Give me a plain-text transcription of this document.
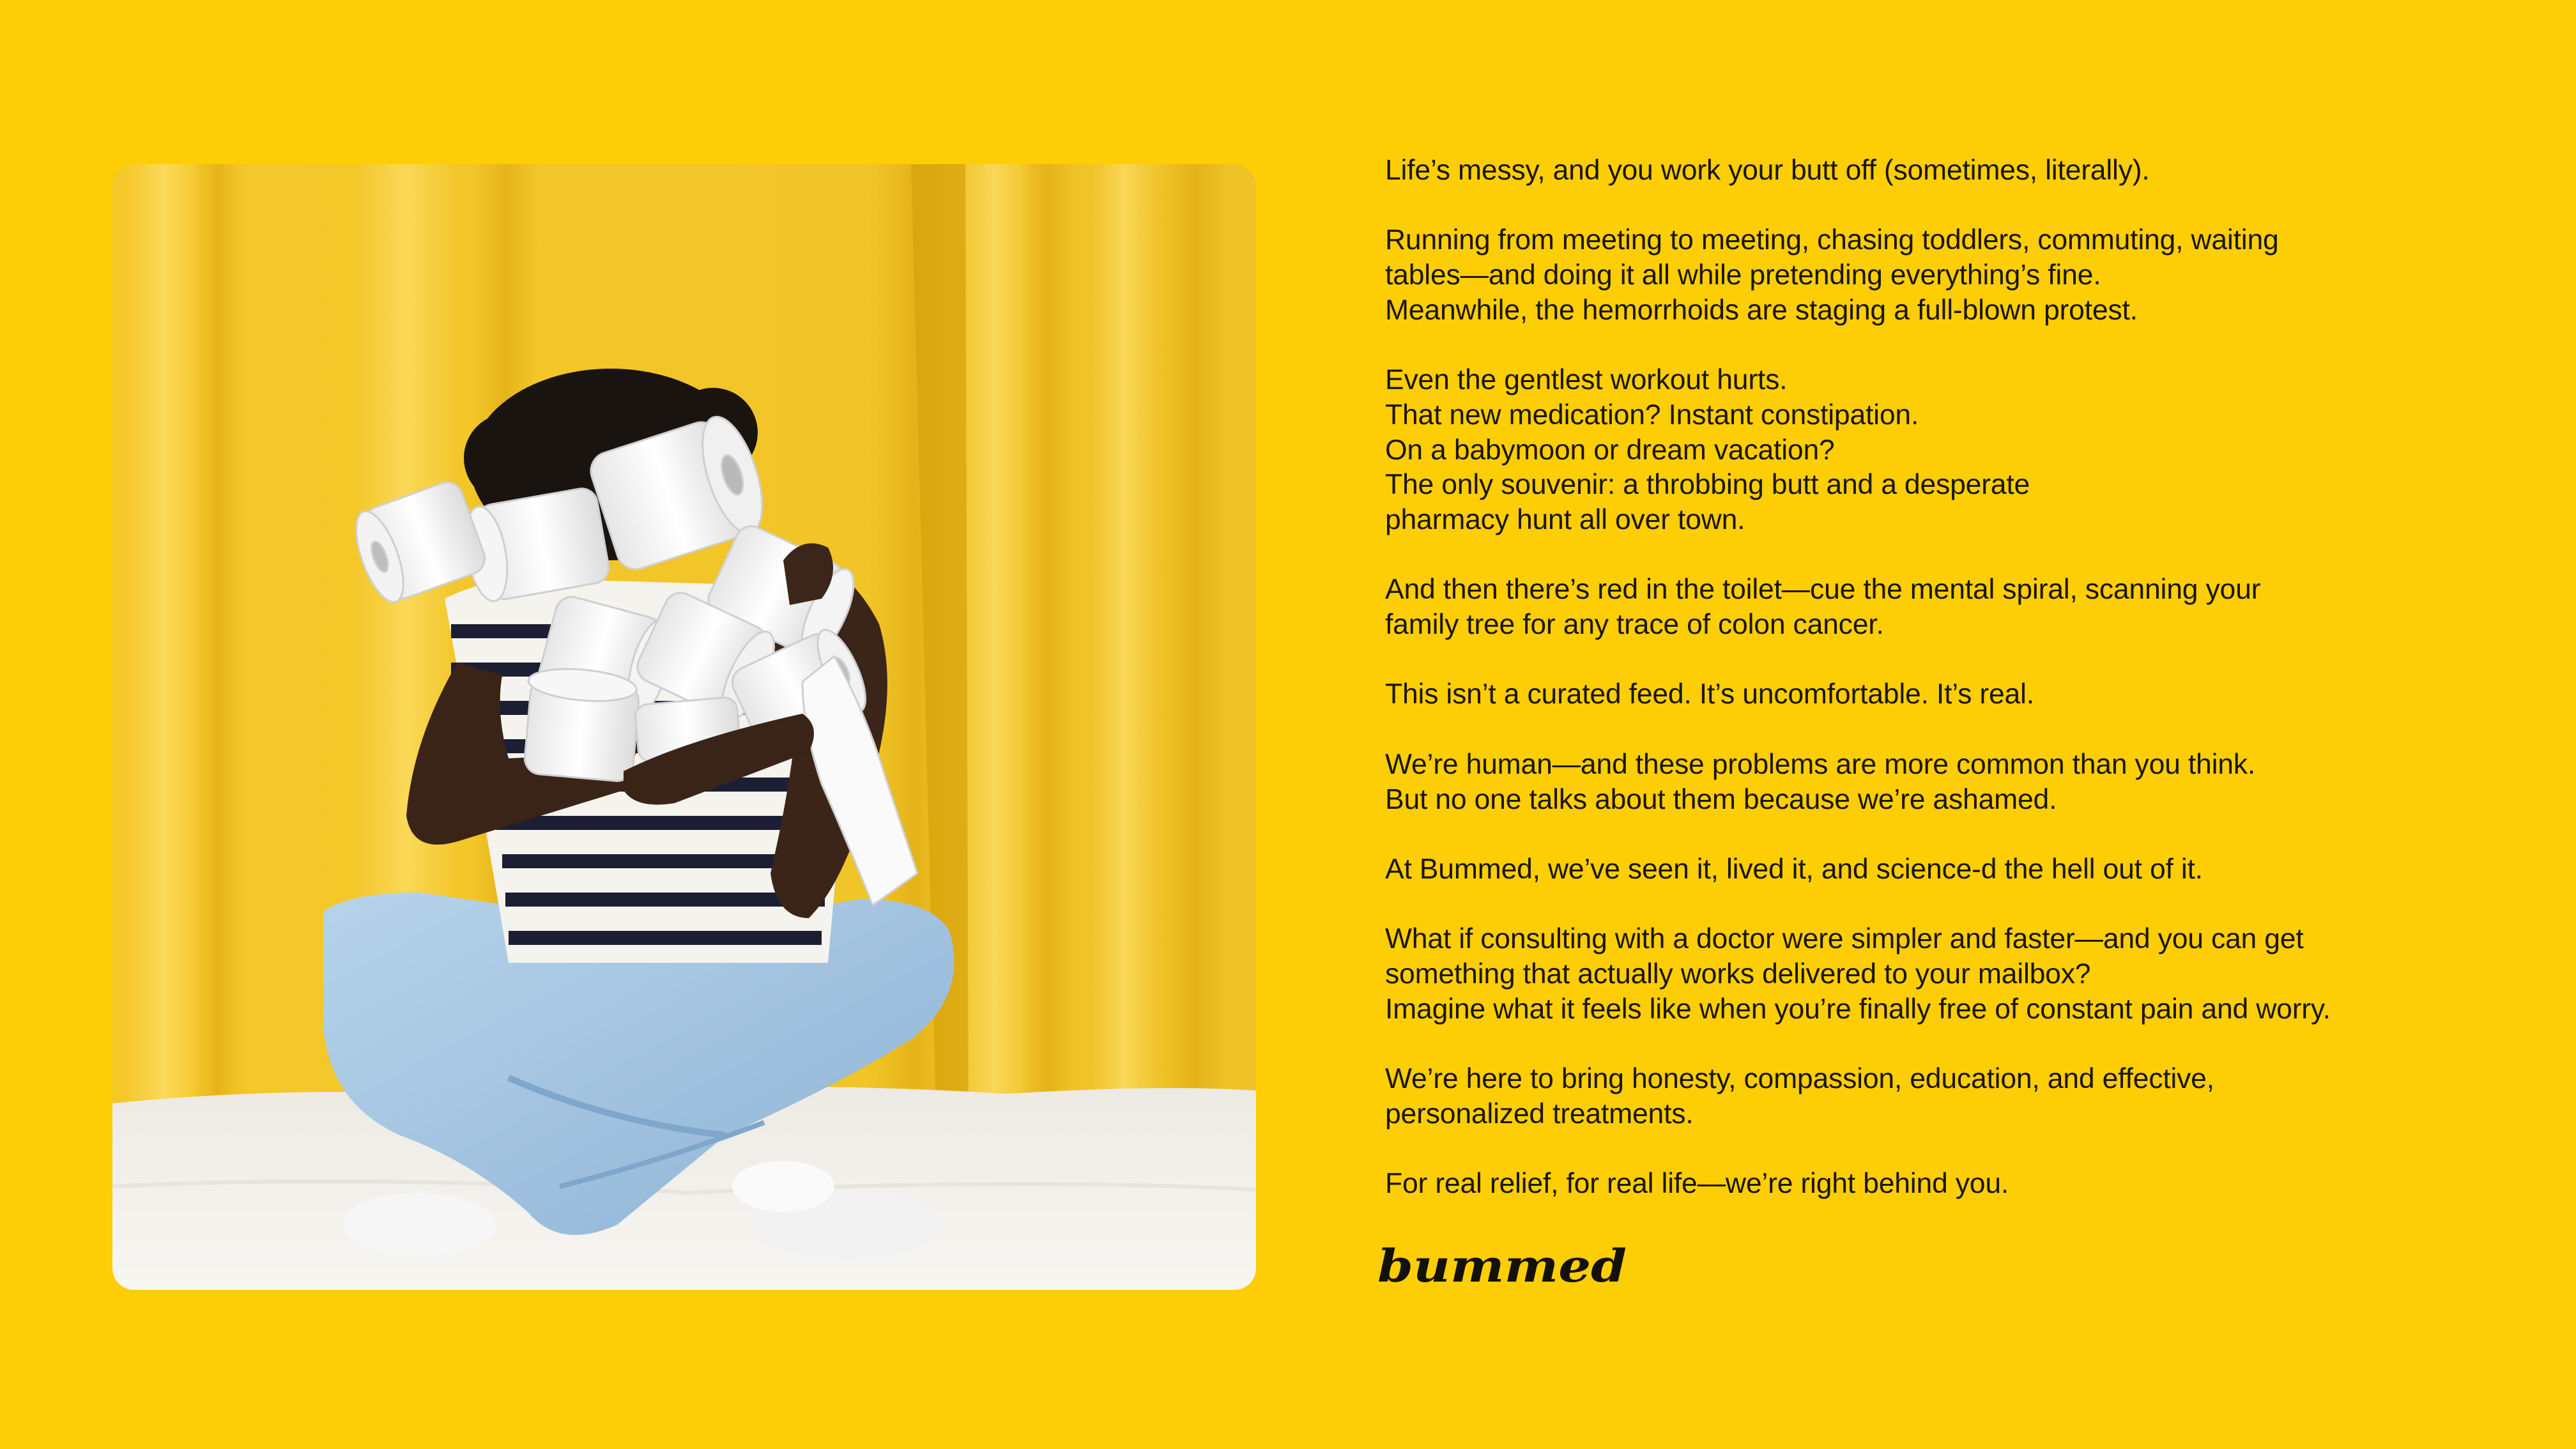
Life’s messy, and you work your butt off (sometimes, literally).

Running from meeting to meeting, chasing toddlers, commuting, waiting
tables—and doing it all while pretending everything’s fine.
Meanwhile, the hemorrhoids are staging a full-blown protest.

Even the gentlest workout hurts.
That new medication? Instant constipation.
On a babymoon or dream vacation?
The only souvenir: a throbbing butt and a desperate
pharmacy hunt all over town.

And then there’s red in the toilet—cue the mental spiral, scanning your
family tree for any trace of colon cancer.

This isn’t a curated feed. It’s uncomfortable. It’s real.

We’re human—and these problems are more common than you think.
But no one talks about them because we’re ashamed.

At Bummed, we’ve seen it, lived it, and science-d the hell out of it.

What if consulting with a doctor were simpler and faster—and you can get
something that actually works delivered to your mailbox?
Imagine what it feels like when you’re finally free of constant pain and worry.

We’re here to bring honesty, compassion, education, and effective,
personalized treatments.

For real relief, for real life—we’re right behind you.

bummed
